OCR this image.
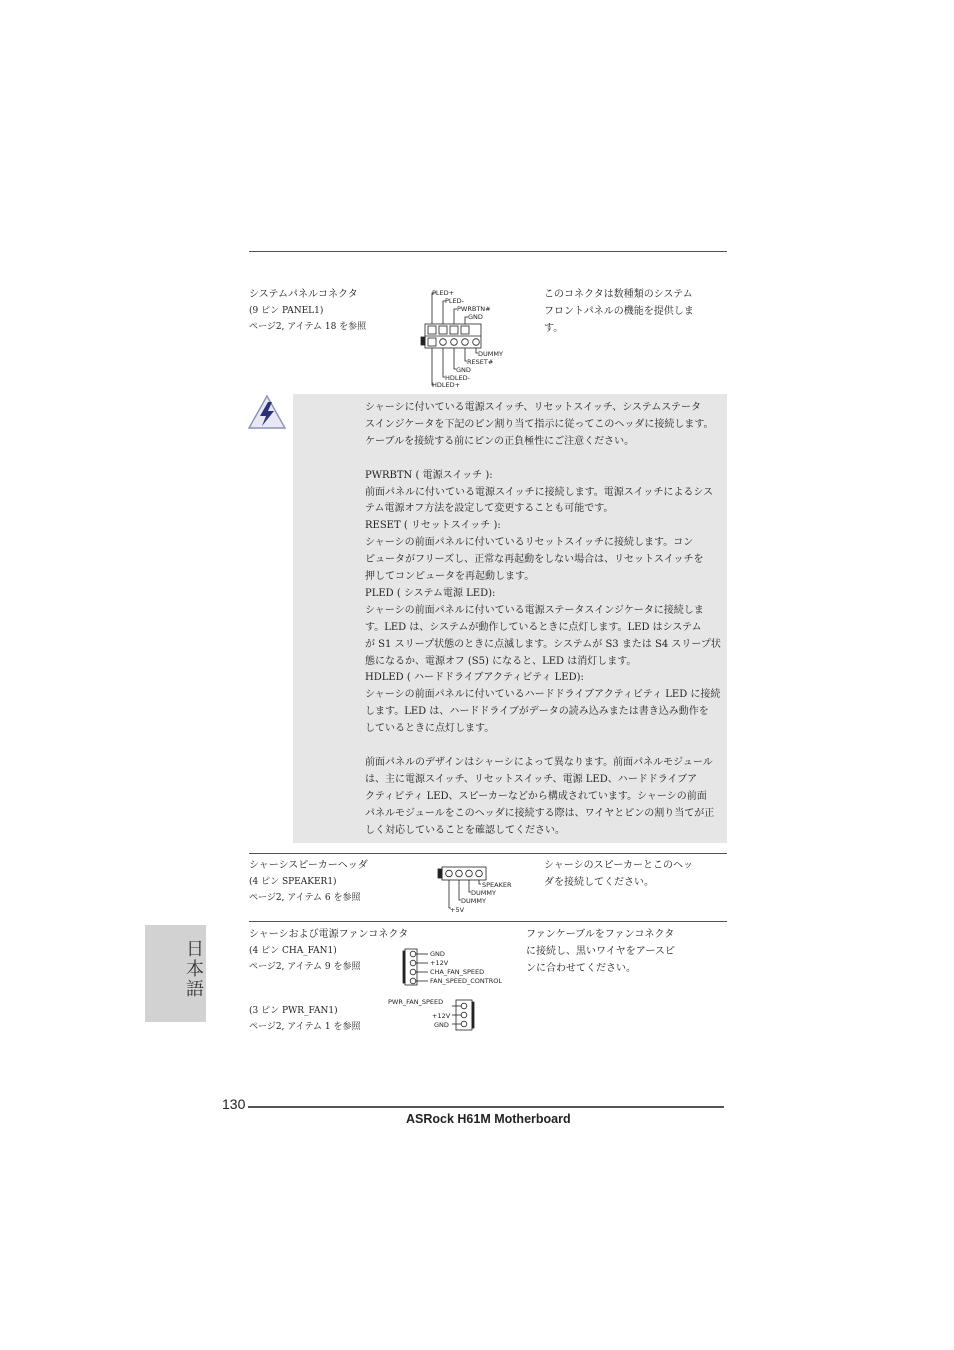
システムパネルコネクタ
(9 ピン PANEL1)
ページ2, アイテム 18 を参照
PLED+
PLED-
PWRBTN#
GND
DUMMY
RESET#
GND
HDLED-
HDLED+
このコネクタは数種類のシステム
フロントパネルの機能を提供しま
す。
シャーシに付いている電源スイッチ、リセットスイッチ、システムステータ
スインジケータを下記のピン割り当て指示に従ってこのヘッダに接続します。
ケーブルを接続する前にピンの正負極性にご注意ください。
PWRBTN ( 電源スイッチ ):
前面パネルに付いている電源スイッチに接続します。電源スイッチによるシス
テム電源オフ方法を設定して変更することも可能です。
RESET ( リセットスイッチ ):
シャーシの前面パネルに付いているリセットスイッチに接続します。コン
ピュータがフリーズし、正常な再起動をしない場合は、リセットスイッチを
押してコンピュータを再起動します。
PLED ( システム電源 LED):
シャーシの前面パネルに付いている電源ステータスインジケータに接続しま
す。LED は、システムが動作しているときに点灯します。LED はシステム
が S1 スリープ状態のときに点滅します。システムが S3 または S4 スリープ状
態になるか、電源オフ (S5) になると、LED は消灯します。
HDLED ( ハードドライブアクティビティ LED):
シャーシの前面パネルに付いているハードドライブアクティビティ LED に接続
します。LED は、ハードドライブがデータの読み込みまたは書き込み動作を
しているときに点灯します。
前面パネルのデザインはシャーシによって異なります。前面パネルモジュール
は、主に電源スイッチ、リセットスイッチ、電源 LED、ハードドライブア
クティビティ LED、スピーカーなどから構成されています。シャーシの前面
パネルモジュールをこのヘッダに接続する際は、ワイヤとピンの割り当てが正
しく対応していることを確認してください。
シャーシスピーカーヘッダ
(4 ピン SPEAKER1)
ページ2, アイテム 6 を参照
SPEAKER
DUMMY
DUMMY
+5V
シャーシのスピーカーとこのヘッ
ダを接続してください。
シャーシおよび電源ファンコネクタ
(4 ピン CHA_FAN1)
ページ2, アイテム 9 を参照
GND
+12V
CHA_FAN_SPEED
FAN_SPEED_CONTROL
ファンケーブルをファンコネクタ
に接続し、黒いワイヤをアースピ
ンに合わせてください。
(3 ピン PWR_FAN1)
ページ2, アイテム 1 を参照
PWR_FAN_SPEED
+12V
GND
日本語
130
ASRock H61M Motherboard
